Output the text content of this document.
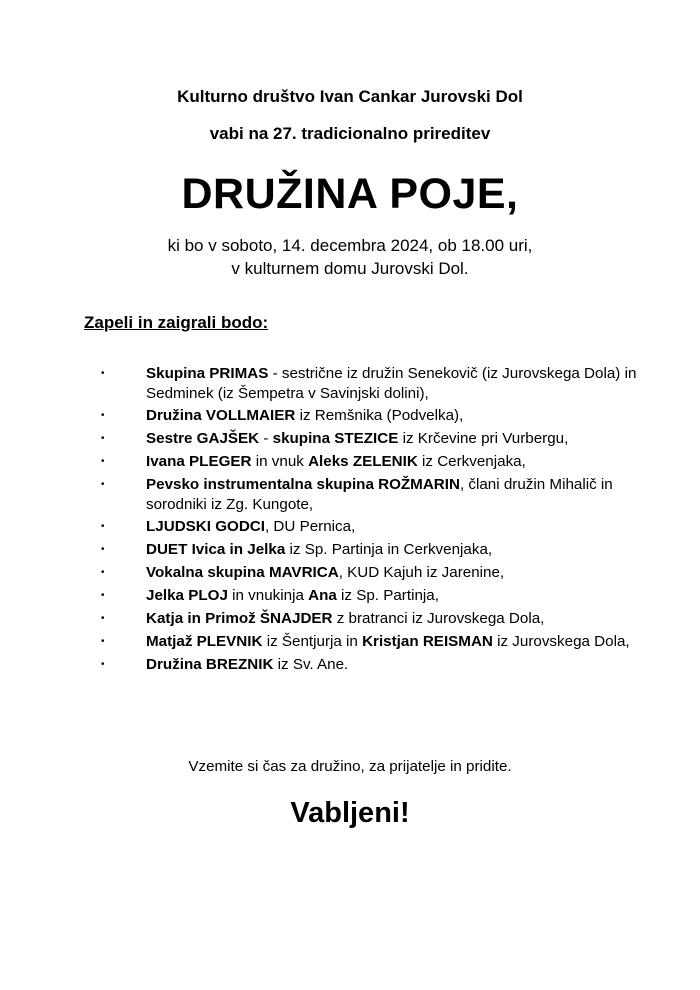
Kulturno društvo Ivan Cankar Jurovski Dol
vabi na 27. tradicionalno prireditev
DRUŽINA POJE,
ki bo v soboto, 14. decembra 2024, ob 18.00 uri,
v kulturnem domu Jurovski Dol.
Zapeli in zaigrali bodo:
•	Skupina PRIMAS - sestrične iz družin Senekovič (iz Jurovskega Dola) in Sedminek (iz Šempetra v Savinjski dolini),
•	Družina VOLLMAIER iz Remšnika (Podvelka),
•	Sestre GAJŠEK - skupina STEZICE iz Krčevine pri Vurbergu,
•	Ivana PLEGER in vnuk Aleks ZELENIK iz Cerkvenjaka,
•	Pevsko instrumentalna skupina ROŽMARIN, člani družin Mihalič in sorodniki iz Zg. Kungote,
•	LJUDSKI GODCI, DU Pernica,
•	DUET Ivica in Jelka iz Sp. Partinja in Cerkvenjaka,
•	Vokalna skupina MAVRICA, KUD Kajuh iz Jarenine,
•	Jelka PLOJ in vnukinja Ana iz Sp. Partinja,
•	Katja in Primož ŠNAJDER z bratranci iz Jurovskega Dola,
•	Matjaž PLEVNIK iz Šentjurja in Kristjan REISMAN iz Jurovskega Dola,
•	Družina BREZNIK iz Sv. Ane.
Vzemite si čas za družino, za prijatelje in pridite.
Vabljeni!
